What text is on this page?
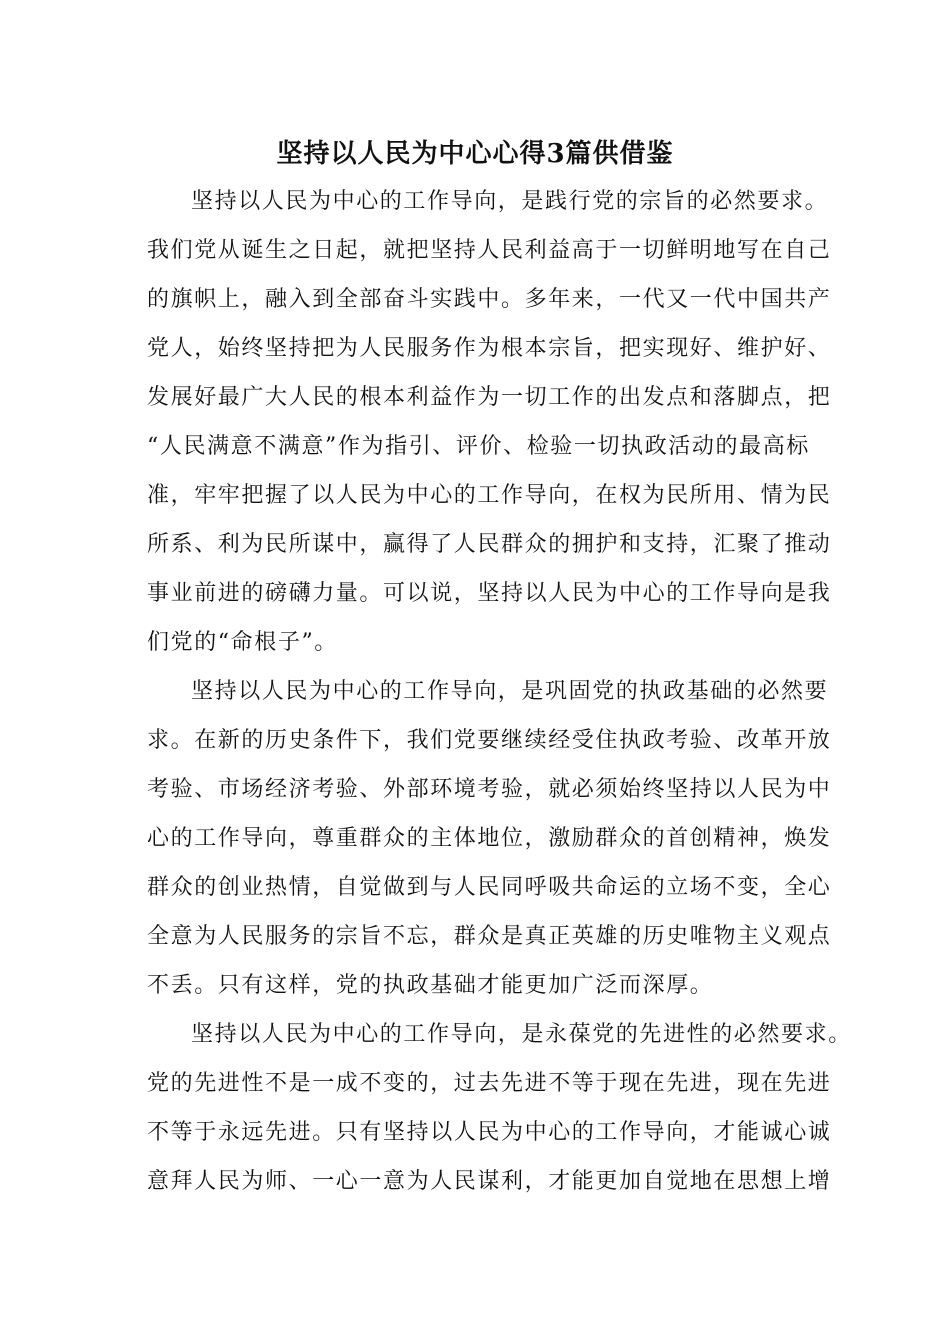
坚持以人民为中心心得3篇供借鉴
坚持以人民为中心的工作导向，是践行党的宗旨的必然要求。
我们党从诞生之日起，就把坚持人民利益高于一切鲜明地写在自己
的旗帜上，融入到全部奋斗实践中。多年来，一代又一代中国共产
党人，始终坚持把为人民服务作为根本宗旨，把实现好、维护好、
发展好最广大人民的根本利益作为一切工作的出发点和落脚点，把
“人民满意不满意”作为指引、评价、检验一切执政活动的最高标
准，牢牢把握了以人民为中心的工作导向，在权为民所用、情为民
所系、利为民所谋中，赢得了人民群众的拥护和支持，汇聚了推动
事业前进的磅礴力量。可以说，坚持以人民为中心的工作导向是我
们党的“命根子”。
坚持以人民为中心的工作导向，是巩固党的执政基础的必然要
求。在新的历史条件下，我们党要继续经受住执政考验、改革开放
考验、市场经济考验、外部环境考验，就必须始终坚持以人民为中
心的工作导向，尊重群众的主体地位，激励群众的首创精神，焕发
群众的创业热情，自觉做到与人民同呼吸共命运的立场不变，全心
全意为人民服务的宗旨不忘，群众是真正英雄的历史唯物主义观点
不丢。只有这样，党的执政基础才能更加广泛而深厚。
坚持以人民为中心的工作导向，是永葆党的先进性的必然要求。
党的先进性不是一成不变的，过去先进不等于现在先进，现在先进
不等于永远先进。只有坚持以人民为中心的工作导向，才能诚心诚
意拜人民为师、一心一意为人民谋利，才能更加自觉地在思想上增
